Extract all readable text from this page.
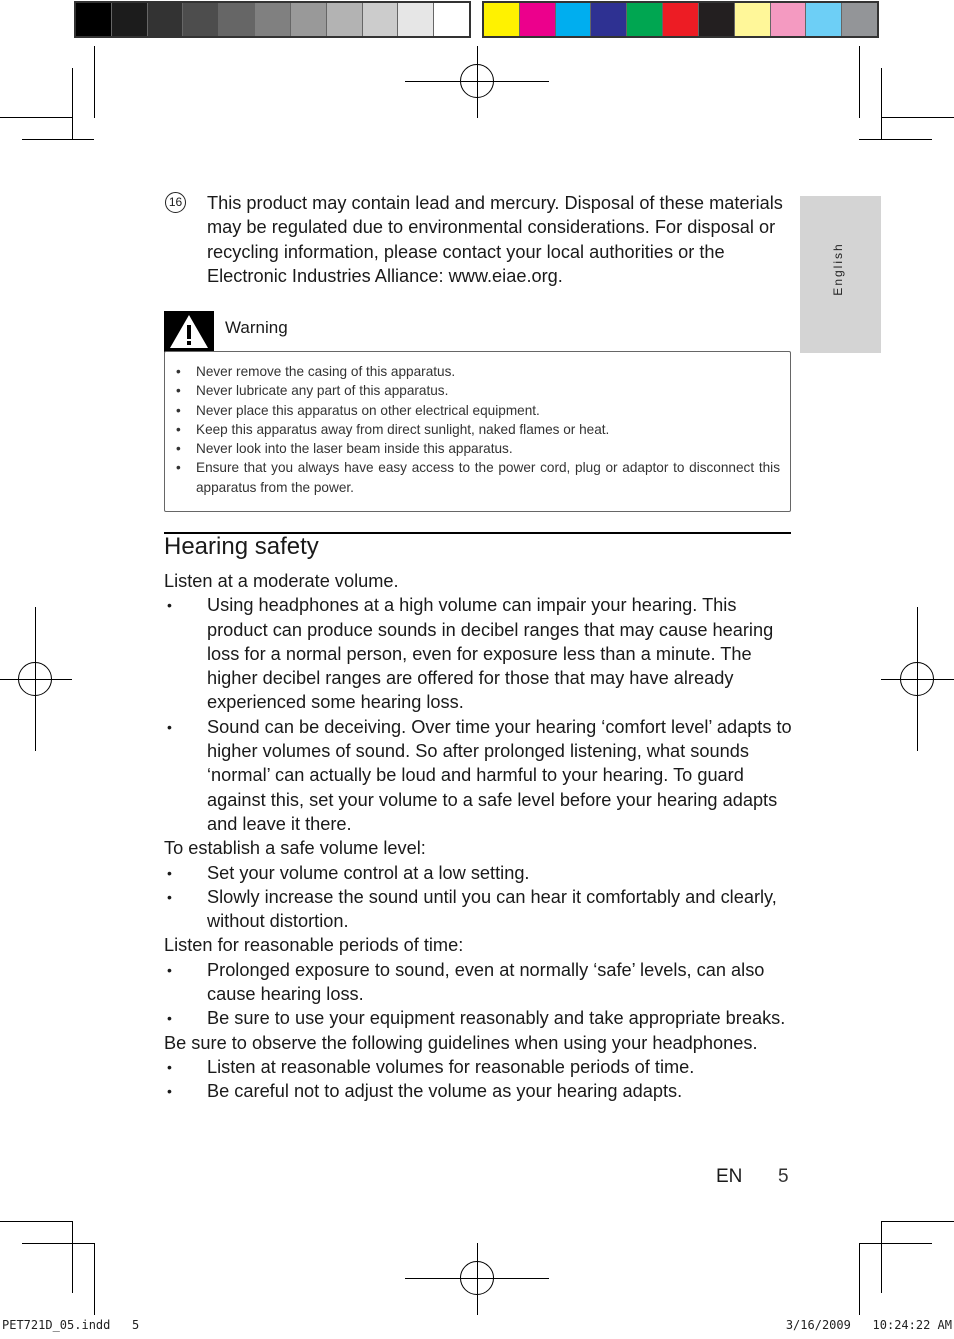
English
16 This product may contain lead and mercury. Disposal of these materials may be regulated due to environmental considerations. For disposal or recycling information, please contact your local authorities or the Electronic Industries Alliance: www.eiae.org.
Warning
• Never remove the casing of this apparatus.
• Never lubricate any part of this apparatus.
• Never place this apparatus on other electrical equipment.
• Keep this apparatus away from direct sunlight, naked flames or heat.
• Never look into the laser beam inside this apparatus.
• Ensure that you always have easy access to the power cord, plug or adaptor to disconnect this apparatus from the power.
Hearing safety
Listen at a moderate volume.
• Using headphones at a high volume can impair your hearing. This product can produce sounds in decibel ranges that may cause hearing loss for a normal person, even for exposure less than a minute. The higher decibel ranges are offered for those that may have already experienced some hearing loss.
• Sound can be deceiving. Over time your hearing ‘comfort level’ adapts to higher volumes of sound. So after prolonged listening, what sounds ‘normal’ can actually be loud and harmful to your hearing. To guard against this, set your volume to a safe level before your hearing adapts and leave it there.
To establish a safe volume level:
• Set your volume control at a low setting.
• Slowly increase the sound until you can hear it comfortably and clearly, without distortion.
Listen for reasonable periods of time:
• Prolonged exposure to sound, even at normally ‘safe’ levels, can also cause hearing loss.
• Be sure to use your equipment reasonably and take appropriate breaks.
Be sure to observe the following guidelines when using your headphones.
• Listen at reasonable volumes for reasonable periods of time.
• Be careful not to adjust the volume as your hearing adapts.
EN 5
PET721D_05.indd   5	3/16/2009   10:24:22 AM
